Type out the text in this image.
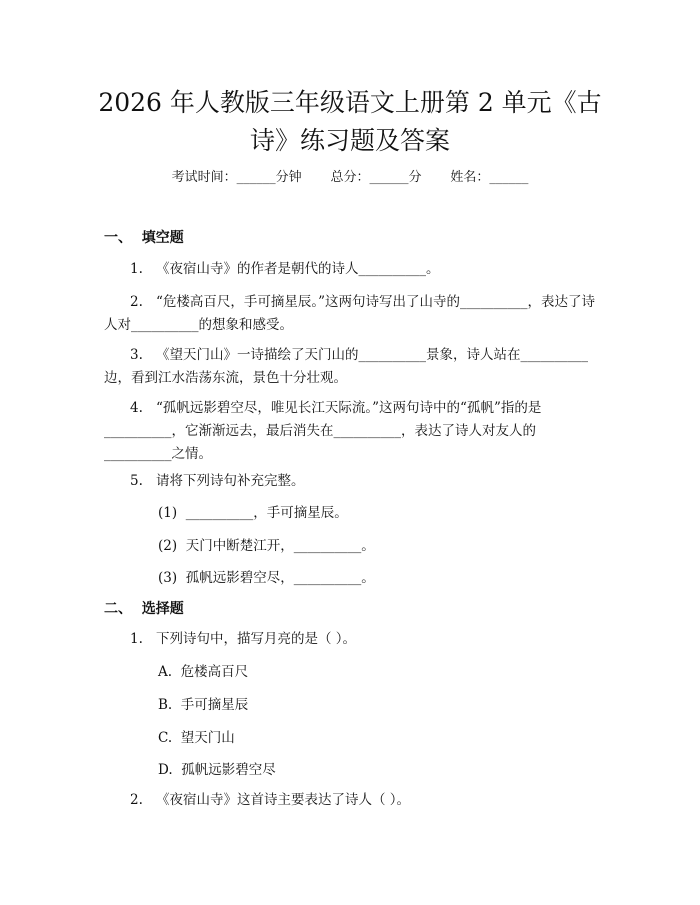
2026 年人教版三年级语文上册第 2 单元《古
诗》练习题及答案
考试时间：______分钟       总分：______分       姓名：______
一、  填空题
1. 《夜宿山寺》的作者是朝代的诗人__________。
2. “危楼高百尺，手可摘星辰。”这两句诗写出了山寺的__________，表达了诗人对__________的想象和感受。
3. 《望天门山》一诗描绘了天门山的__________景象，诗人站在__________边，看到江水浩荡东流，景色十分壮观。
4. “孤帆远影碧空尽，唯见长江天际流。”这两句诗中的“孤帆”指的是__________，它渐渐远去，最后消失在__________，表达了诗人对友人的__________之情。
5. 请将下列诗句补充完整。
(1)  __________，手可摘星辰。
(2)  天门中断楚江开，__________。
(3)  孤帆远影碧空尽，__________。
二、  选择题
1. 下列诗句中，描写月亮的是（ ）。
A.  危楼高百尺
B.  手可摘星辰
C.  望天门山
D.  孤帆远影碧空尽
2. 《夜宿山寺》这首诗主要表达了诗人（ ）。
